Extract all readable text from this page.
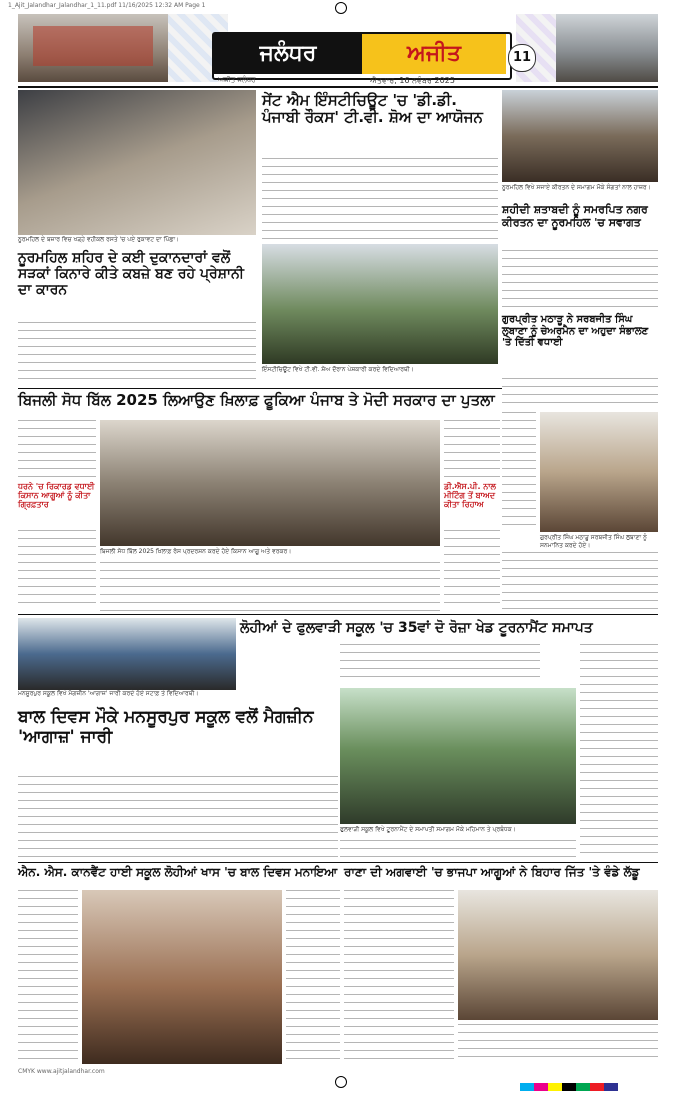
1_Ajit_Jalandhar_Jalandhar_1_11.pdf 11/16/2025 12:32 AM Page 1
ਜਲੰਧਰ	ਅਜੀਤ
ਅਜੀਤ ਜਲੰਧਰ
11
ਐਤਵਾਰ, 16 ਨਵੰਬਰ 2025
ਨੂਰਮਹਿਲ ਦੇ ਬਜ਼ਾਰ ਵਿਚ ਖੜ੍ਹੇ ਵਹੀਕਲ ਰਸਤੇ 'ਚ ਪਏ ਰੁਕਾਵਟ ਦਾ ਪਿੱਛਾ।
ਸੇਂਟ ਐਮ ਇੰਸਟੀਚਿਊਟ 'ਚ 'ਡੀ.ਡੀ. ਪੰਜਾਬੀ ਰੌਕਸ' ਟੀ.ਵੀ. ਸ਼ੋਅ ਦਾ ਆਯੋਜਨ
ਨੂਰਮਹਿਲ ਵਿਖੇ ਸਜਾਏ ਕੀਰਤਨ ਦੇ ਸਮਾਗਮ ਮੌਕੇ ਸੰਗਤਾਂ ਨਾਲ ਹਾਜ਼ਰ।
ਸ਼ਹੀਦੀ ਸ਼ਤਾਬਦੀ ਨੂੰ ਸਮਰਪਿਤ ਨਗਰ ਕੀਰਤਨ ਦਾ ਨੂਰਮਹਿਲ 'ਚ ਸਵਾਗਤ
ਨੂਰਮਹਿਲ ਸ਼ਹਿਰ ਦੇ ਕਈ ਦੁਕਾਨਦਾਰਾਂ ਵਲੋਂ ਸੜਕਾਂ ਕਿਨਾਰੇ ਕੀਤੇ ਕਬਜ਼ੇ ਬਣ ਰਹੇ ਪ੍ਰੇਸ਼ਾਨੀ ਦਾ ਕਾਰਨ
ਇੰਸਟੀਚਿਊਟ ਵਿਖੇ ਟੀ.ਵੀ. ਸ਼ੋਅ ਦੌਰਾਨ ਪੇਸ਼ਕਾਰੀ ਕਰਦੇ ਵਿਦਿਆਰਥੀ।
ਗੁਰਪ੍ਰੀਤ ਮਠਾੜੂ ਨੇ ਸਰਬਜੀਤ ਸਿੰਘ ਲੁਬਾਣਾ ਨੂੰ ਚੇਅਰਮੈਨ ਦਾ ਅਹੁਦਾ ਸੰਭਾਲਣ 'ਤੇ ਦਿੱਤੀ ਵਧਾਈ
ਬਿਜਲੀ ਸੋਧ ਬਿੱਲ 2025 ਲਿਆਉਣ ਖ਼ਿਲਾਫ਼ ਫੂਕਿਆ ਪੰਜਾਬ ਤੇ ਮੋਦੀ ਸਰਕਾਰ ਦਾ ਪੁਤਲਾ
ਧਰਨੇ 'ਚ ਰਿਕਾਰਡ ਵਧਾਈ ਕਿਸਾਨ ਆਗੂਆਂ ਨੂੰ ਕੀਤਾ ਗ੍ਰਿਫ਼ਤਾਰ
ਬਿਜਲੀ ਸੋਧ ਬਿੱਲ 2025 ਖ਼ਿਲਾਫ਼ ਰੋਸ ਪ੍ਰਦਰਸ਼ਨ ਕਰਦੇ ਹੋਏ ਕਿਸਾਨ ਆਗੂ ਅਤੇ ਵਰਕਰ।
ਡੀ.ਐਸ.ਪੀ. ਨਾਲ ਮੀਟਿੰਗ ਤੋਂ ਬਾਅਦ ਕੀਤਾ ਰਿਹਾਅ
ਗੁਰਪ੍ਰੀਤ ਸਿੰਘ ਮਠਾੜੂ ਸਰਬਜੀਤ ਸਿੰਘ ਲੁਬਾਣਾ ਨੂੰ ਸਨਮਾਨਿਤ ਕਰਦੇ ਹੋਏ।
ਮਨਸੂਰਪੁਰ ਸਕੂਲ ਵਿਖੇ ਮੈਗਜ਼ੀਨ 'ਆਗਾਜ਼' ਜਾਰੀ ਕਰਦੇ ਹੋਏ ਸਟਾਫ਼ ਤੇ ਵਿਦਿਆਰਥੀ।
ਬਾਲ ਦਿਵਸ ਮੌਕੇ ਮਨਸੂਰਪੁਰ ਸਕੂਲ ਵਲੋਂ ਮੈਗਜ਼ੀਨ 'ਆਗਾਜ਼' ਜਾਰੀ
ਲੋਹੀਆਂ ਦੇ ਫੁਲਵਾੜੀ ਸਕੂਲ 'ਚ 35ਵਾਂ ਦੋ ਰੋਜ਼ਾ ਖੇਡ ਟੂਰਨਾਮੈਂਟ ਸਮਾਪਤ
ਫੁਲਵਾੜੀ ਸਕੂਲ ਵਿਖੇ ਟੂਰਨਾਮੈਂਟ ਦੇ ਸਮਾਪਤੀ ਸਮਾਗਮ ਮੌਕੇ ਮਹਿਮਾਨ ਤੇ ਪ੍ਰਬੰਧਕ।
ਐਨ. ਐਸ. ਕਾਨਵੈਂਟ ਹਾਈ ਸਕੂਲ ਲੋਹੀਆਂ ਖਾਸ 'ਚ ਬਾਲ ਦਿਵਸ ਮਨਾਇਆ ਰਾਣਾ ਦੀ ਅਗਵਾਈ 'ਚ ਭਾਜਪਾ ਆਗੂਆਂ ਨੇ ਬਿਹਾਰ ਜਿੱਤ 'ਤੇ ਵੰਡੇ ਲੱਡੂ
CMYK www.ajitjalandhar.com
